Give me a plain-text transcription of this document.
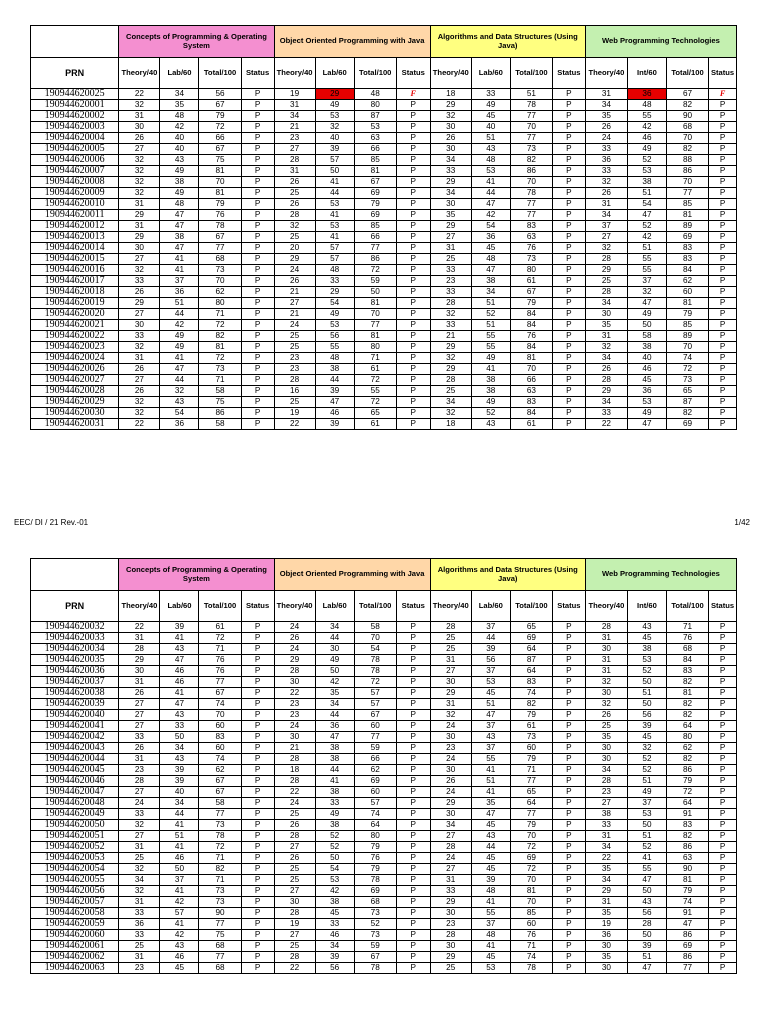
	Concepts of Programming & Operating System				Object Oriented Programming with Java				Algorithms and Data Structures (Using Java)				Web Programming Technologies			
PRN	Theory/40	Lab/60	Total/100	Status	Theory/40	Lab/60	Total/100	Status	Theory/40	Lab/60	Total/100	Status	Theory/40	Int/60	Total/100	Status
190944620025	22	34	56	P	19	29	48	F	18	33	51	P	31	36	67	F
190944620001	32	35	67	P	31	49	80	P	29	49	78	P	34	48	82	P
190944620002	31	48	79	P	34	53	87	P	32	45	77	P	35	55	90	P
190944620003	30	42	72	P	21	32	53	P	30	40	70	P	26	42	68	P
190944620004	26	40	66	P	23	40	63	P	26	51	77	P	24	46	70	P
190944620005	27	40	67	P	27	39	66	P	30	43	73	P	33	49	82	P
190944620006	32	43	75	P	28	57	85	P	34	48	82	P	36	52	88	P
190944620007	32	49	81	P	31	50	81	P	33	53	86	P	33	53	86	P
190944620008	32	38	70	P	26	41	67	P	29	41	70	P	32	38	70	P
190944620009	32	49	81	P	25	44	69	P	34	44	78	P	26	51	77	P
190944620010	31	48	79	P	26	53	79	P	30	47	77	P	31	54	85	P
190944620011	29	47	76	P	28	41	69	P	35	42	77	P	34	47	81	P
190944620012	31	47	78	P	32	53	85	P	29	54	83	P	37	52	89	P
190944620013	29	38	67	P	25	41	66	P	27	36	63	P	27	42	69	P
190944620014	30	47	77	P	20	57	77	P	31	45	76	P	32	51	83	P
190944620015	27	41	68	P	29	57	86	P	25	48	73	P	28	55	83	P
190944620016	32	41	73	P	24	48	72	P	33	47	80	P	29	55	84	P
190944620017	33	37	70	P	26	33	59	P	23	38	61	P	25	37	62	P
190944620018	26	36	62	P	21	29	50	P	33	34	67	P	28	32	60	P
190944620019	29	51	80	P	27	54	81	P	28	51	79	P	34	47	81	P
190944620020	27	44	71	P	21	49	70	P	32	52	84	P	30	49	79	P
190944620021	30	42	72	P	24	53	77	P	33	51	84	P	35	50	85	P
190944620022	33	49	82	P	25	56	81	P	21	55	76	P	31	58	89	P
190944620023	32	49	81	P	25	55	80	P	29	55	84	P	32	38	70	P
190944620024	31	41	72	P	23	48	71	P	32	49	81	P	34	40	74	P
190944620026	26	47	73	P	23	38	61	P	29	41	70	P	26	46	72	P
190944620027	27	44	71	P	28	44	72	P	28	38	66	P	28	45	73	P
190944620028	26	32	58	P	16	39	55	P	25	38	63	P	29	36	65	P
190944620029	32	43	75	P	25	47	72	P	34	49	83	P	34	53	87	P
190944620030	32	54	86	P	19	46	65	P	32	52	84	P	33	49	82	P
190944620031	22	36	58	P	22	39	61	P	18	43	61	P	22	47	69	P
EEC/ DI / 21 Rev.-01	1/42
	Concepts of Programming & Operating System				Object Oriented Programming with Java				Algorithms and Data Structures (Using Java)				Web Programming Technologies			
PRN	Theory/40	Lab/60	Total/100	Status	Theory/40	Lab/60	Total/100	Status	Theory/40	Lab/60	Total/100	Status	Theory/40	Int/60	Total/100	Status
190944620032	22	39	61	P	24	34	58	P	28	37	65	P	28	43	71	P
190944620033	31	41	72	P	26	44	70	P	25	44	69	P	31	45	76	P
190944620034	28	43	71	P	24	30	54	P	25	39	64	P	30	38	68	P
190944620035	29	47	76	P	29	49	78	P	31	56	87	P	31	53	84	P
190944620036	30	46	76	P	28	50	78	P	27	37	64	P	31	52	83	P
190944620037	31	46	77	P	30	42	72	P	30	53	83	P	32	50	82	P
190944620038	26	41	67	P	22	35	57	P	29	45	74	P	30	51	81	P
190944620039	27	47	74	P	23	34	57	P	31	51	82	P	32	50	82	P
190944620040	27	43	70	P	23	44	67	P	32	47	79	P	26	56	82	P
190944620041	27	33	60	P	24	36	60	P	24	37	61	P	25	39	64	P
190944620042	33	50	83	P	30	47	77	P	30	43	73	P	35	45	80	P
190944620043	26	34	60	P	21	38	59	P	23	37	60	P	30	32	62	P
190944620044	31	43	74	P	28	38	66	P	24	55	79	P	30	52	82	P
190944620045	23	39	62	P	18	44	62	P	30	41	71	P	34	52	86	P
190944620046	28	39	67	P	28	41	69	P	26	51	77	P	28	51	79	P
190944620047	27	40	67	P	22	38	60	P	24	41	65	P	23	49	72	P
190944620048	24	34	58	P	24	33	57	P	29	35	64	P	27	37	64	P
190944620049	33	44	77	P	25	49	74	P	30	47	77	P	38	53	91	P
190944620050	32	41	73	P	26	38	64	P	34	45	79	P	33	50	83	P
190944620051	27	51	78	P	28	52	80	P	27	43	70	P	31	51	82	P
190944620052	31	41	72	P	27	52	79	P	28	44	72	P	34	52	86	P
190944620053	25	46	71	P	26	50	76	P	24	45	69	P	22	41	63	P
190944620054	32	50	82	P	25	54	79	P	27	45	72	P	35	55	90	P
190944620055	34	37	71	P	25	53	78	P	31	39	70	P	34	47	81	P
190944620056	32	41	73	P	27	42	69	P	33	48	81	P	29	50	79	P
190944620057	31	42	73	P	30	38	68	P	29	41	70	P	31	43	74	P
190944620058	33	57	90	P	28	45	73	P	30	55	85	P	35	56	91	P
190944620059	36	41	77	P	19	33	52	P	23	37	60	P	19	28	47	P
190944620060	33	42	75	P	27	46	73	P	28	48	76	P	36	50	86	P
190944620061	25	43	68	P	25	34	59	P	30	41	71	P	30	39	69	P
190944620062	31	46	77	P	28	39	67	P	29	45	74	P	35	51	86	P
190944620063	23	45	68	P	22	56	78	P	25	53	78	P	30	47	77	P
